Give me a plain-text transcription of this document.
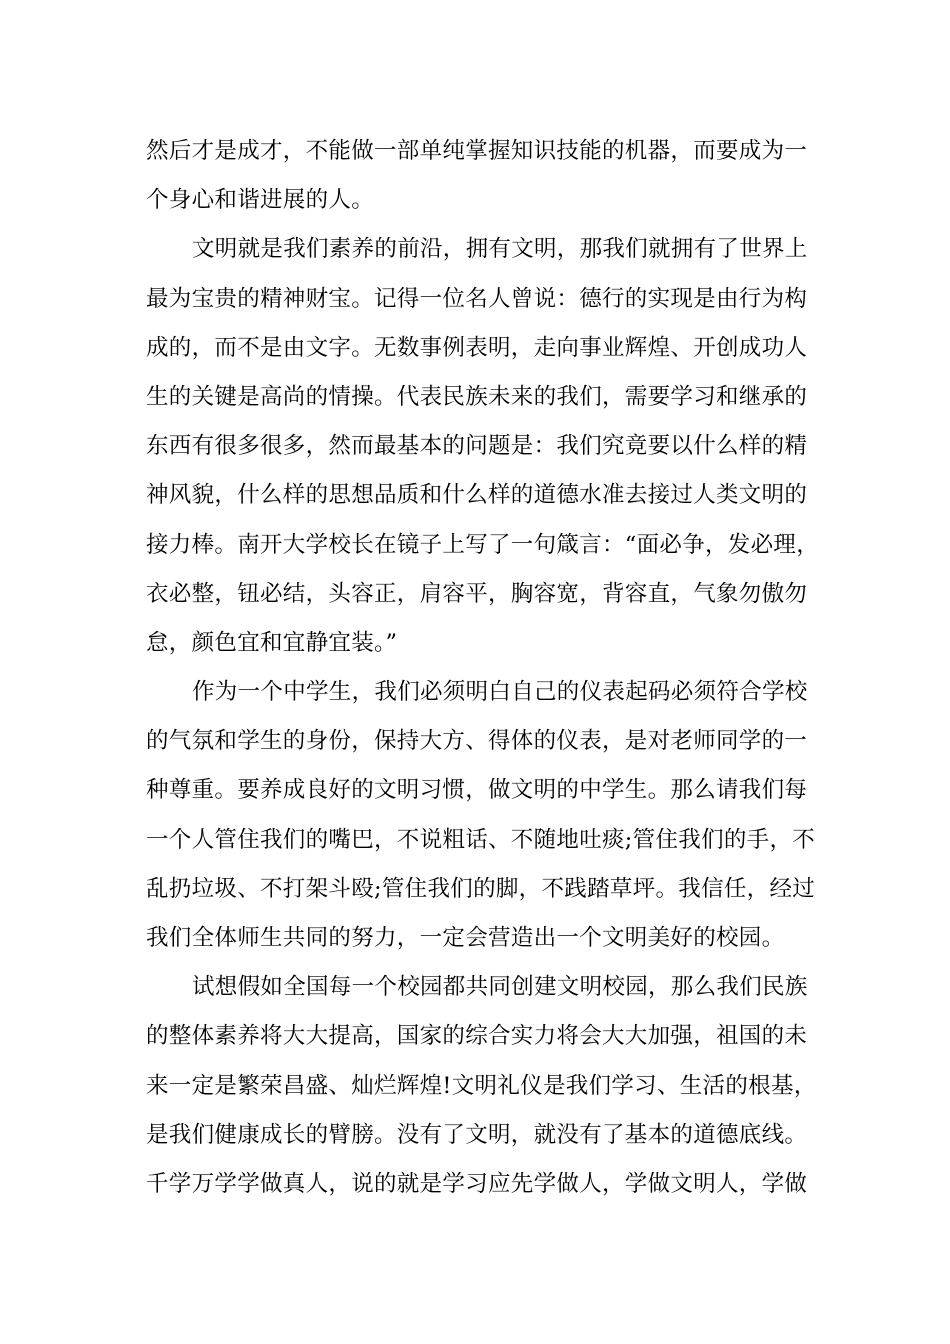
然后才是成才，不能做一部单纯掌握知识技能的机器，而要成为一
个身心和谐进展的人。
文明就是我们素养的前沿，拥有文明，那我们就拥有了世界上
最为宝贵的精神财宝。记得一位名人曾说：德行的实现是由行为构
成的，而不是由文字。无数事例表明，走向事业辉煌、开创成功人
生的关键是高尚的情操。代表民族未来的我们，需要学习和继承的
东西有很多很多，然而最基本的问题是：我们究竟要以什么样的精
神风貌，什么样的思想品质和什么样的道德水准去接过人类文明的
接力棒。南开大学校长在镜子上写了一句箴言：“面必争，发必理，
衣必整，钮必结，头容正，肩容平，胸容宽，背容直，气象勿傲勿
怠，颜色宜和宜静宜装。”
作为一个中学生，我们必须明白自己的仪表起码必须符合学校
的气氛和学生的身份，保持大方、得体的仪表，是对老师同学的一
种尊重。要养成良好的文明习惯，做文明的中学生。那么请我们每
一个人管住我们的嘴巴，不说粗话、不随地吐痰;管住我们的手，不
乱扔垃圾、不打架斗殴;管住我们的脚，不践踏草坪。我信任，经过
我们全体师生共同的努力，一定会营造出一个文明美好的校园。
试想假如全国每一个校园都共同创建文明校园，那么我们民族
的整体素养将大大提高，国家的综合实力将会大大加强，祖国的未
来一定是繁荣昌盛、灿烂辉煌!文明礼仪是我们学习、生活的根基，
是我们健康成长的臂膀。没有了文明，就没有了基本的道德底线。
千学万学学做真人，说的就是学习应先学做人，学做文明人，学做
